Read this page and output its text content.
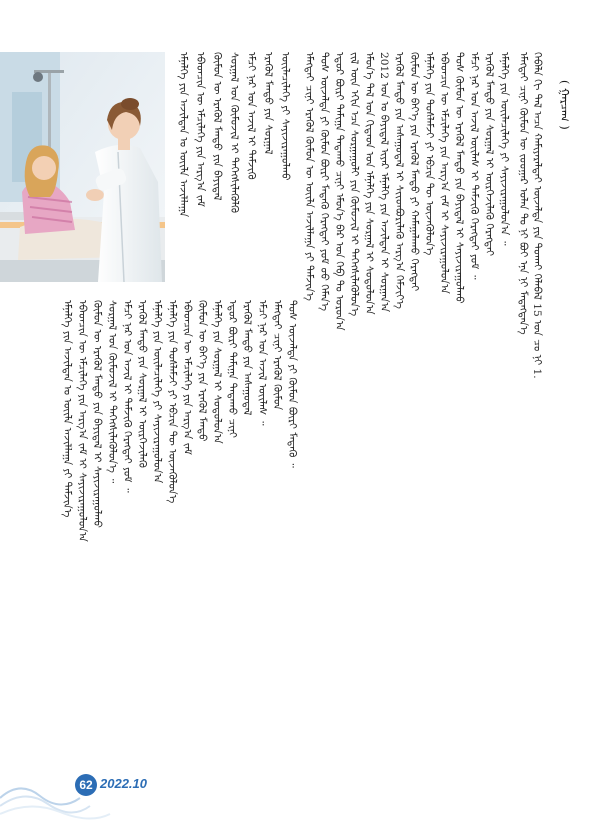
( ᠭᠠᠷᠴᠠᠭ )
ᠡᠮᠡᠭᠲᠡᠶ ᠴᠢᠨᠢ ᠬᠦᠮᠦᠨ ᠦ ᠵᠤᠤᠭᠠᠷ ᠣᠯᠠᠨ ᠲᠤ ᠨᠢ ᠪᠤᠢ ᠡᠨᠡ ᠨᠢ ᠮᠡᠳᠡᠭᠳᠡᠨ᠎ᠡ ᠬᠡᠪᠡᠯᠡ ᠬᠢ ᠲᠠᠯ ᠠᠴᠠ ᠬᠠᠮᠢᠶᠠᠷᠠᠯᠲᠠᠢ ᠦᠵᠡᠯᠲᠡ ᠶᠢᠨ ᠲᠤᠬᠠᠢ ᠬᠡᠯᠡᠪᠡᠯ 15 ᠣᠨ ᠴᠤ ᠨᠢ 1.
ᠡᠮᠡᠭᠲᠡᠶ ᠴᠢᠨᠢ ᠡᠷᠡᠭᠦᠯ ᠬᠦᠮᠦᠨ ᠦ ᠦᠢᠯᠡ ᠠᠵᠢᠯᠯᠠᠭᠠ ᠶᠢ ᠳᠡᠮᠵᠢᠨ᠎ᠡ ᠲᠤᠰ ᠦᠵᠡᠯᠲᠡ ᠶᠢ ᠬᠦᠮᠦᠨ ᠪᠦᠷᠢ ᠮᠡᠳᠡᠬᠦ ᠬᠡᠷᠡᠭᠲᠡᠢ ᠶᠤᠮ ᠦᠦ ᠬᠡᠮᠡᠨ᠎ᠡ ᠡᠳᠦᠷ ᠪᠦᠷᠢ ᠲᠠᠮᠢᠭᠠ ᠲᠠᠳᠠᠬᠤ ᠴᠢᠨᠢ ᠡᠮᠦᠨ᠎ᠡ ᠪᠠᠷ ᠤᠨ ᠬᠡᠪ ᠲᠤ ᠣᠷᠤᠨ᠎ᠠ ᠵᠢᠯ ᠦᠨ ᠡᠬᠢᠨ ᠡᠴᠡ ᠰᠤᠷᠭᠠᠭᠤᠯᠢ ᠶᠢᠨ ᠬᠦᠮᠦᠵᠢᠯ ᠢ ᠳᠡᠭᠡᠭᠰᠢᠯᠡᠭᠦᠯᠦᠨ᠎ᠡ ᠡᠮᠦᠨ᠎ᠡ ᠲᠠᠯ ᠤᠨ ᠬᠢᠲᠠᠳ ᠤᠨ ᠡᠮᠨᠡᠯᠭᠡ ᠶᠢᠨ ᠰᠤᠷᠭᠠᠯ ᠢ ᠰᠤᠳᠤᠯᠤᠨ᠎ᠠ 2012 ᠣᠨ ᠤ ᠪᠠᠶᠢᠳᠠᠯ ᠢᠶᠠᠷ ᠡᠮᠨᠡᠯᠭᠡ ᠶᠢᠨ ᠠᠵᠢᠯᠲᠠᠨ ᠢ ᠰᠤᠷᠭᠠᠨ᠎ᠠ ᠡᠷᠡᠭᠦᠯ ᠮᠡᠨᠳᠦ ᠶᠢᠨ ᠠᠰᠠᠭᠤᠳᠠᠯ ᠢ ᠰᠢᠢᠳᠪᠦᠷᠢᠯᠡᠬᠦ ᠠᠷᠭ᠎ᠠ ᠬᠡᠮᠵᠢᠶ᠎ᠡ ᠬᠦᠮᠦᠨ ᠦ ᠪᠡᠶ᠎ᠡ ᠶᠢᠨ ᠡᠷᠡᠭᠦᠯ ᠮᠡᠨᠳᠦ ᠶᠢ ᠬᠠᠮᠠᠭᠠᠯᠠᠬᠤ ᠬᠡᠷᠡᠭᠲᠡᠢ ᠡᠮᠨᠡᠯᠭᠡ ᠶᠢᠨ ᠲᠤᠰᠯᠠᠮᠵᠢ ᠶᠢ ᠡᠪᠴᠢᠨ ᠲᠦ ᠦᠵᠡᠭᠦᠯᠦᠨ᠎ᠡ ᠡᠪᠡᠳᠴᠢᠨ ᠦ ᠡᠮᠴᠢᠯᠡᠭᠡ ᠶᠢᠨ ᠠᠷᠭ᠎ᠠ ᠵᠠᠮ ᠢ ᠰᠠᠶᠢᠵᠢᠷᠠᠭᠤᠯᠤᠨ᠎ᠠ ᠲᠤᠰ ᠬᠦᠮᠦᠨ ᠦ ᠡᠷᠡᠭᠦᠯ ᠮᠡᠨᠳᠦ ᠶᠢᠨ ᠪᠠᠶᠢᠳᠠᠯ ᠢ ᠰᠠᠶᠢᠵᠢᠷᠠᠭᠤᠯᠬᠤ ᠡᠮᠴᠢ ᠨᠠᠷ ᠤᠨ ᠠᠵᠢᠯ ᠦᠢᠯᠡᠰ ᠢ ᠳᠡᠮᠵᠢᠬᠦ ᠬᠡᠷᠡᠭᠲᠡᠢ ᠶᠤᠮ ᠃ ᠡᠷᠡᠭᠦᠯ ᠮᠡᠨᠳᠦ ᠶᠢᠨ ᠰᠤᠷᠭᠠᠯ ᠢ ᠦᠷᠭᠡᠵᠢᠯᠡᠬᠦ ᠬᠡᠷᠡᠭᠲᠡᠢ ᠡᠮᠨᠡᠯᠭᠡ ᠶᠢᠨ ᠦᠢᠯᠡᠴᠢᠯᠡᠭᠡ ᠶᠢ ᠰᠠᠶᠢᠵᠢᠷᠠᠭᠤᠯᠤᠨ᠎ᠠ ᠃
ᠡᠮᠨᠡᠯᠭᠡ ᠶᠢᠨ ᠠᠵᠢᠯᠲᠠᠨ ᠤ ᠦᠢᠯᠡ ᠠᠵᠢᠯᠯᠠᠭᠠ ᠡᠪᠡᠳᠴᠢᠨ ᠦ ᠡᠮᠴᠢᠯᠡᠭᠡ ᠶᠢᠨ ᠠᠷᠭ᠎ᠠ ᠵᠠᠮ ᠬᠦᠮᠦᠨ ᠦ ᠡᠷᠡᠭᠦᠯ ᠮᠡᠨᠳᠦ ᠶᠢᠨ ᠪᠠᠶᠢᠳᠠᠯ ᠰᠤᠷᠭᠠᠯ ᠤᠨ ᠬᠦᠮᠦᠵᠢᠯ ᠢ ᠳᠡᠭᠡᠭᠰᠢᠯᠡᠭᠦᠯᠬᠦ ᠡᠮᠴᠢ ᠨᠠᠷ ᠤᠨ ᠠᠵᠢᠯ ᠢ ᠳᠡᠮᠵᠢᠬᠦ ᠡᠷᠡᠭᠦᠯ ᠮᠡᠨᠳᠦ ᠶᠢᠨ ᠰᠤᠷᠭᠠᠯ ᠦᠢᠯᠡᠴᠢᠯᠡᠭᠡ ᠶᠢ ᠰᠠᠶᠢᠵᠢᠷᠠᠭᠤᠯᠬᠤ
ᠡᠮᠨᠡᠯᠭᠡ ᠶᠢᠨ ᠠᠵᠢᠯᠲᠠᠨ ᠤ ᠦᠢᠯᠡ ᠠᠵᠢᠯᠯᠠᠭᠠ ᠶᠢ ᠳᠡᠮᠵᠢᠨ᠎ᠡ ᠡᠪᠡᠳᠴᠢᠨ ᠦ ᠡᠮᠴᠢᠯᠡᠭᠡ ᠶᠢᠨ ᠠᠷᠭ᠎ᠠ ᠵᠠᠮ ᠢ ᠰᠠᠶᠢᠵᠢᠷᠠᠭᠤᠯᠤᠨ᠎ᠠ ᠬᠦᠮᠦᠨ ᠦ ᠡᠷᠡᠭᠦᠯ ᠮᠡᠨᠳᠦ ᠶᠢᠨ ᠪᠠᠶᠢᠳᠠᠯ ᠢ ᠰᠠᠶᠢᠵᠢᠷᠠᠭᠤᠯᠬᠤ ᠰᠤᠷᠭᠠᠯ ᠤᠨ ᠬᠦᠮᠦᠵᠢᠯ ᠢ ᠳᠡᠭᠡᠭᠰᠢᠯᠡᠭᠦᠯᠦᠨ᠎ᠡ ᠃ ᠡᠮᠴᠢ ᠨᠠᠷ ᠤᠨ ᠠᠵᠢᠯ ᠢ ᠳᠡᠮᠵᠢᠬᠦ ᠬᠡᠷᠡᠭᠲᠡᠢ ᠶᠤᠮ ᠃ ᠡᠷᠡᠭᠦᠯ ᠮᠡᠨᠳᠦ ᠶᠢᠨ ᠰᠤᠷᠭᠠᠯ ᠢ ᠦᠷᠭᠡᠵᠢᠯᠡᠬᠦ ᠡᠮᠨᠡᠯᠭᠡ ᠶᠢᠨ ᠦᠢᠯᠡᠴᠢᠯᠡᠭᠡ ᠶᠢ ᠰᠠᠶᠢᠵᠢᠷᠠᠭᠤᠯᠤᠨ᠎ᠠ ᠡᠮᠨᠡᠯᠭᠡ ᠶᠢᠨ ᠲᠤᠰᠯᠠᠮᠵᠢ ᠶᠢ ᠡᠪᠴᠢᠨ ᠲᠦ ᠦᠵᠡᠭᠦᠯᠦᠨ᠎ᠡ ᠡᠪᠡᠳᠴᠢᠨ ᠦ ᠡᠮᠴᠢᠯᠡᠭᠡ ᠶᠢᠨ ᠠᠷᠭ᠎ᠠ ᠵᠠᠮ ᠬᠦᠮᠦᠨ ᠦ ᠪᠡᠶ᠎ᠡ ᠶᠢᠨ ᠡᠷᠡᠭᠦᠯ ᠮᠡᠨᠳᠦ ᠡᠮᠨᠡᠯᠭᠡ ᠶᠢᠨ ᠰᠤᠷᠭᠠᠯ ᠢ ᠰᠤᠳᠤᠯᠤᠨ᠎ᠠ ᠡᠳᠦᠷ ᠪᠦᠷᠢ ᠲᠠᠮᠢᠭᠠ ᠲᠠᠳᠠᠬᠤ ᠴᠢᠨᠢ ᠡᠷᠡᠭᠦᠯ ᠮᠡᠨᠳᠦ ᠶᠢᠨ ᠠᠰᠠᠭᠤᠳᠠᠯ ᠡᠮᠴᠢ ᠨᠠᠷ ᠤᠨ ᠠᠵᠢᠯ ᠦᠢᠯᠡᠰ ᠃ ᠡᠮᠡᠭᠲᠡᠶ ᠴᠢᠨᠢ ᠡᠷᠡᠭᠦᠯ ᠬᠦᠮᠦᠨ ᠲᠤᠰ ᠦᠵᠡᠯᠲᠡ ᠶᠢ ᠬᠦᠮᠦᠨ ᠪᠦᠷᠢ ᠮᠡᠳᠡᠬᠦ ᠃
62 2022.10
